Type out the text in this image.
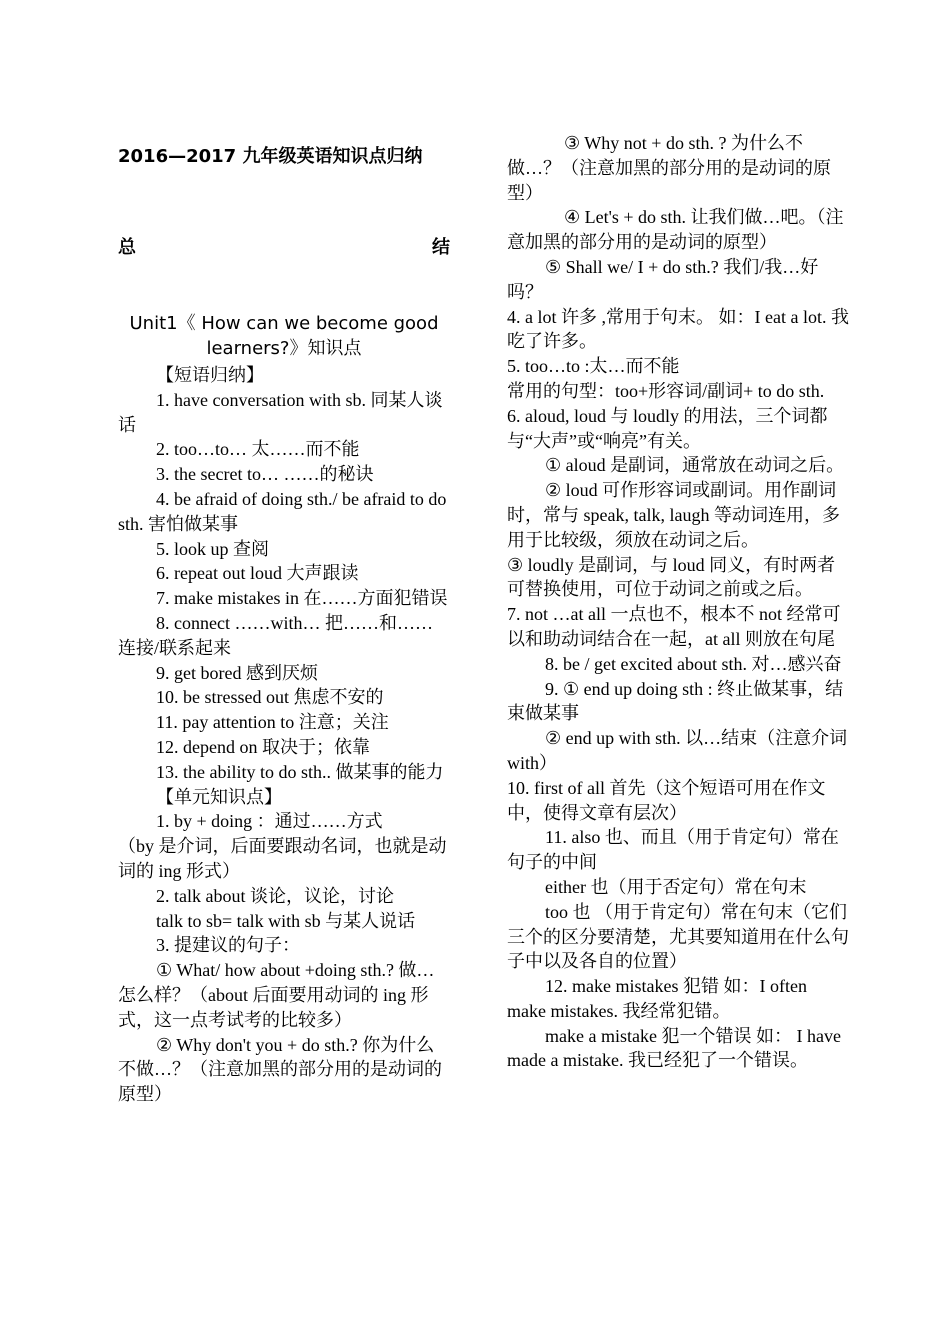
2016—2017 九年级英语知识点归纳
总	结
Unit1《 How can we become good learners?》知识点

【短语归纳】

1. have conversation with sb. 同某人谈话

2. too…to… 太……而不能

3. the secret to… ……的秘诀

4. be afraid of doing sth./ be afraid to do sth. 害怕做某事

5. look up 查阅

6. repeat out loud 大声跟读

7. make mistakes in 在……方面犯错误

8. connect ……with… 把……和……连接/联系起来

9. get bored 感到厌烦

10. be stressed out 焦虑不安的

11. pay attention to 注意；关注

12. depend on 取决于；依靠

13. the ability to do sth.. 做某事的能力

【单元知识点】

1. by + doing ：通过……方式

（by 是介词，后面要跟动名词，也就是动词的 ing 形式）

2. talk about 谈论，议论，讨论

talk to sb= talk with sb 与某人说话

3. 提建议的句子：

① What/ how about +doing sth.? 做…怎么样？（about 后面要用动词的 ing 形式，这一点考试考的比较多）

② Why don't you + do sth.? 你为什么不做…？（注意加黑的部分用的是动词的原型）

③ Why not + do sth. ? 为什么不做…？（注意加黑的部分用的是动词的原型）

④ Let's + do sth. 让我们做…吧。（注意加黑的部分用的是动词的原型）

⑤ Shall we/ I + do sth.? 我们/我…好吗？

4. a lot 许多 ,常用于句末。 如：I eat a lot. 我吃了许多。

5. too…to :太…而不能

常用的句型：too+形容词/副词+ to do sth.

6. aloud, loud 与 loudly 的用法，三个词都与“大声”或“响亮”有关。

① aloud 是副词，通常放在动词之后。

② loud 可作形容词或副词。用作副词时，常与 speak, talk, laugh 等动词连用，多用于比较级，须放在动词之后。

③ loudly 是副词，与 loud 同义，有时两者可替换使用，可位于动词之前或之后。

7. not …at all 一点也不，根本不 not 经常可以和助动词结合在一起，at all 则放在句尾

8. be / get excited about sth. 对…感兴奋

9. ① end up doing sth : 终止做某事，结束做某事

② end up with sth. 以…结束（注意介词 with）

10. first of all 首先（这个短语可用在作文中，使得文章有层次）

11. also 也、而且（用于肯定句）常在句子的中间

either 也（用于否定句）常在句末

too 也 （用于肯定句）常在句末（它们三个的区分要清楚，尤其要知道用在什么句子中以及各自的位置）

12. make mistakes 犯错 如：I often make mistakes. 我经常犯错。

make a mistake 犯一个错误 如： I have made a mistake. 我已经犯了一个错误。
